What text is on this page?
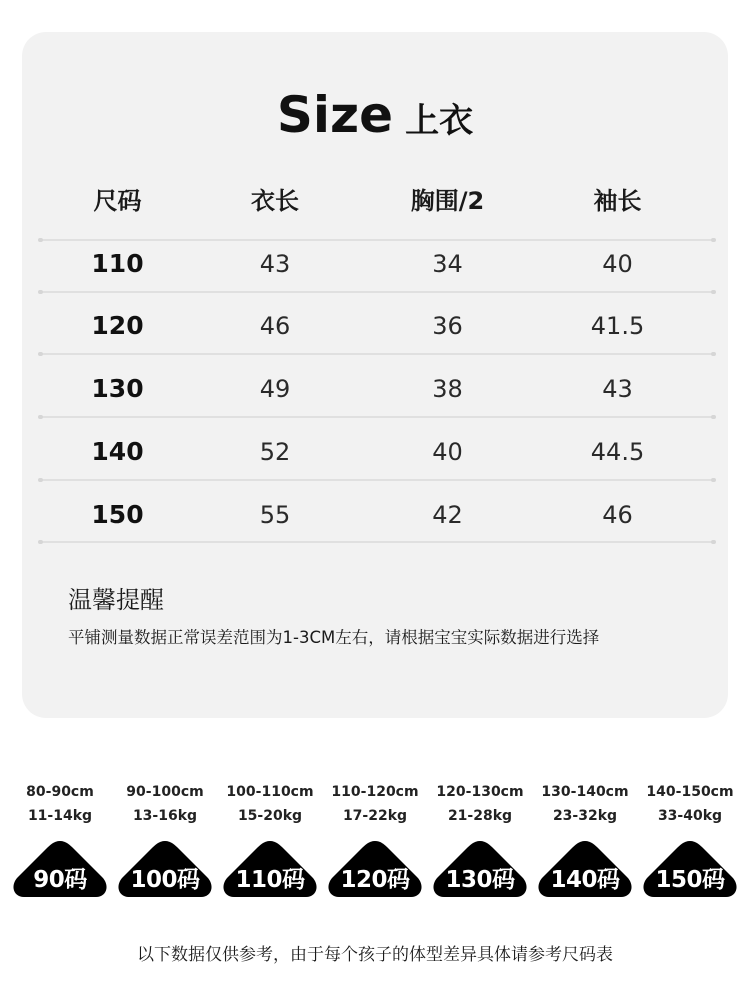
Size 上衣
尺码	衣长	胸围/2	袖长
110	43	34	40
120	46	36	41.5
130	49	38	43
140	52	40	44.5
150	55	42	46
温馨提醒
平铺测量数据正常误差范围为1-3CM左右，请根据宝宝实际数据进行选择
80-90cm
11-14kg
90码
90-100cm
13-16kg
100码
100-110cm
15-20kg
110码
110-120cm
17-22kg
120码
120-130cm
21-28kg
130码
130-140cm
23-32kg
140码
140-150cm
33-40kg
150码
以下数据仅供参考，由于每个孩子的体型差异具体请参考尺码表
